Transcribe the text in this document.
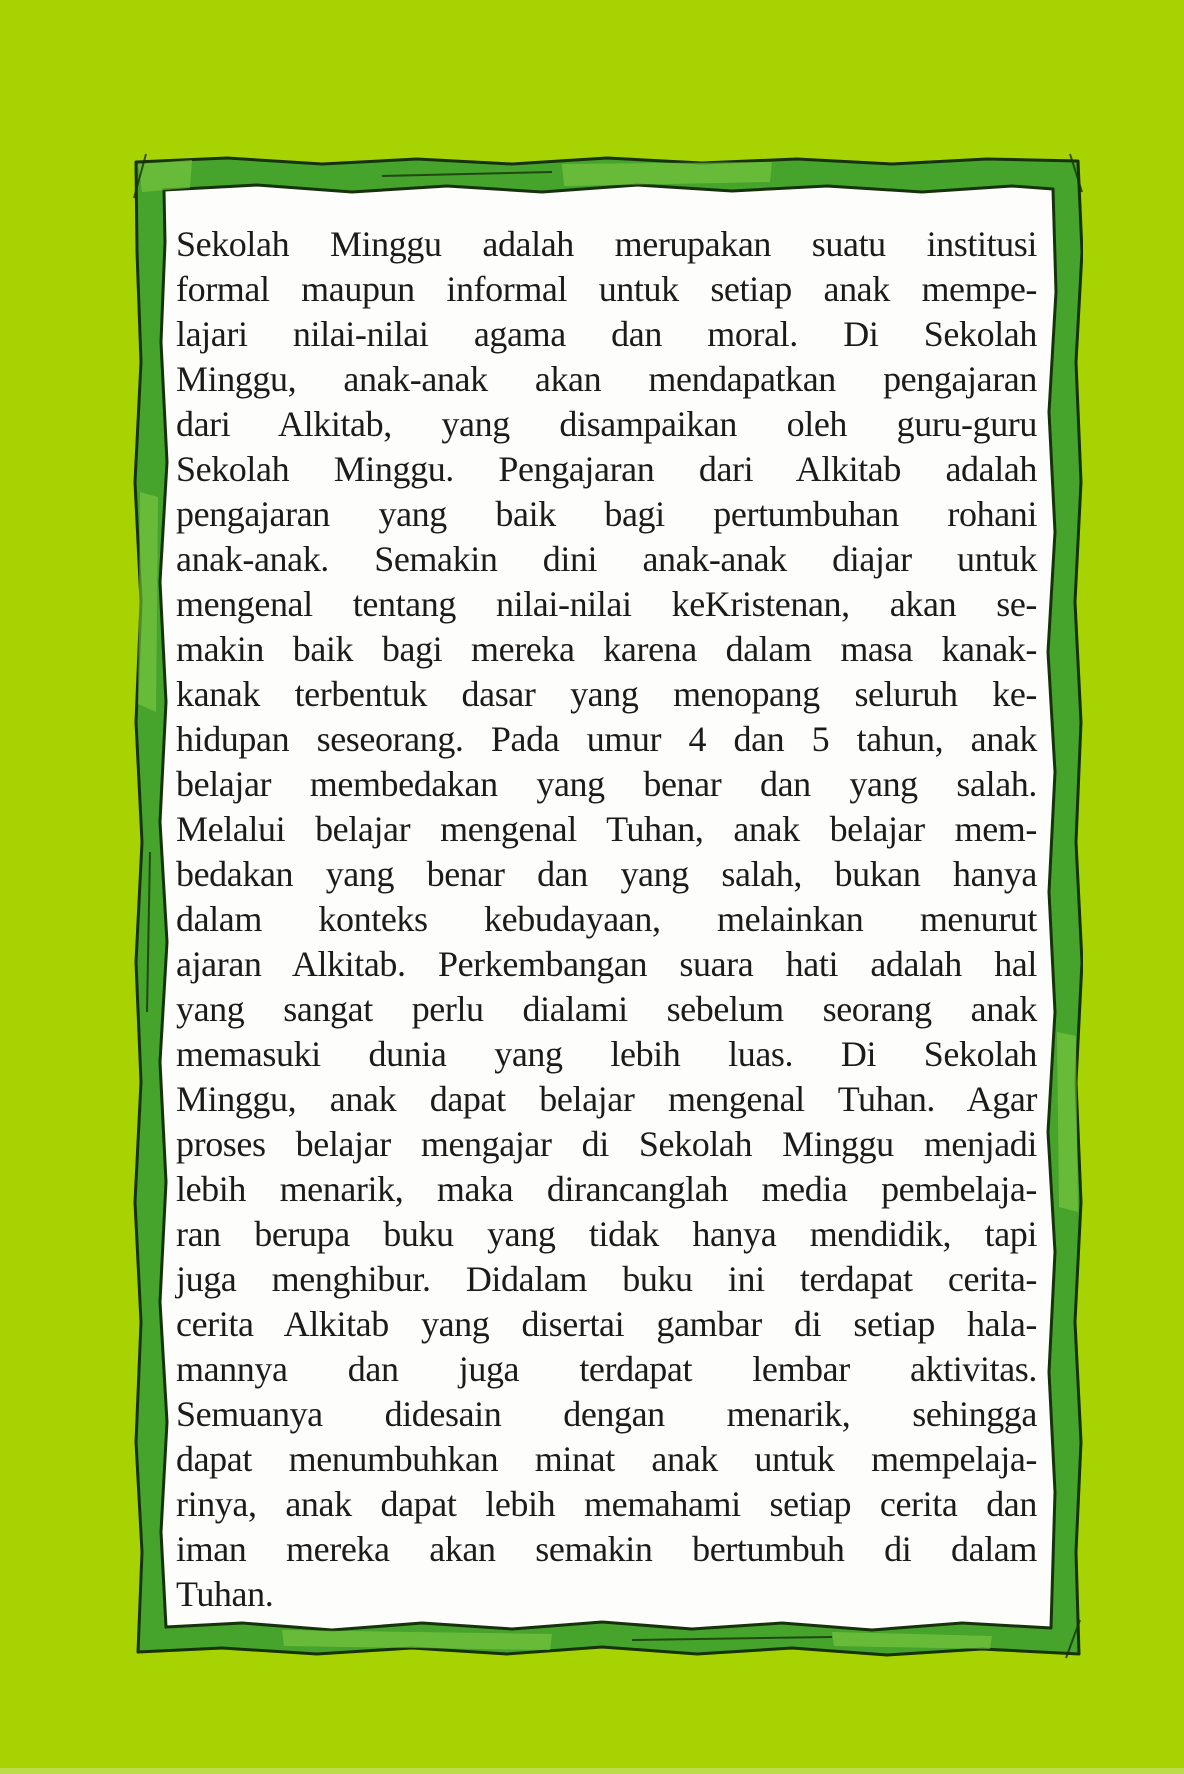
Sekolah Minggu adalah merupakan suatu institusi
formal maupun informal untuk setiap anak mempe-
lajari nilai-nilai agama dan moral. Di Sekolah
Minggu, anak-anak akan mendapatkan pengajaran
dari Alkitab, yang disampaikan oleh guru-guru
Sekolah Minggu. Pengajaran dari Alkitab adalah
pengajaran yang baik bagi pertumbuhan rohani
anak-anak. Semakin dini anak-anak diajar untuk
mengenal tentang nilai-nilai keKristenan, akan se-
makin baik bagi mereka karena dalam masa kanak-
kanak terbentuk dasar yang menopang seluruh ke-
hidupan seseorang. Pada umur 4 dan 5 tahun, anak
belajar membedakan yang benar dan yang salah.
Melalui belajar mengenal Tuhan, anak belajar mem-
bedakan yang benar dan yang salah, bukan hanya
dalam konteks kebudayaan, melainkan menurut
ajaran Alkitab. Perkembangan suara hati adalah hal
yang sangat perlu dialami sebelum seorang anak
memasuki dunia yang lebih luas. Di Sekolah
Minggu, anak dapat belajar mengenal Tuhan. Agar
proses belajar mengajar di Sekolah Minggu menjadi
lebih menarik, maka dirancanglah media pembelaja-
ran berupa buku yang tidak hanya mendidik, tapi
juga menghibur. Didalam buku ini terdapat cerita-
cerita Alkitab yang disertai gambar di setiap hala-
mannya dan juga terdapat lembar aktivitas.
Semuanya didesain dengan menarik, sehingga
dapat menumbuhkan minat anak untuk mempelaja-
rinya, anak dapat lebih memahami setiap cerita dan
iman mereka akan semakin bertumbuh di dalam
Tuhan.
